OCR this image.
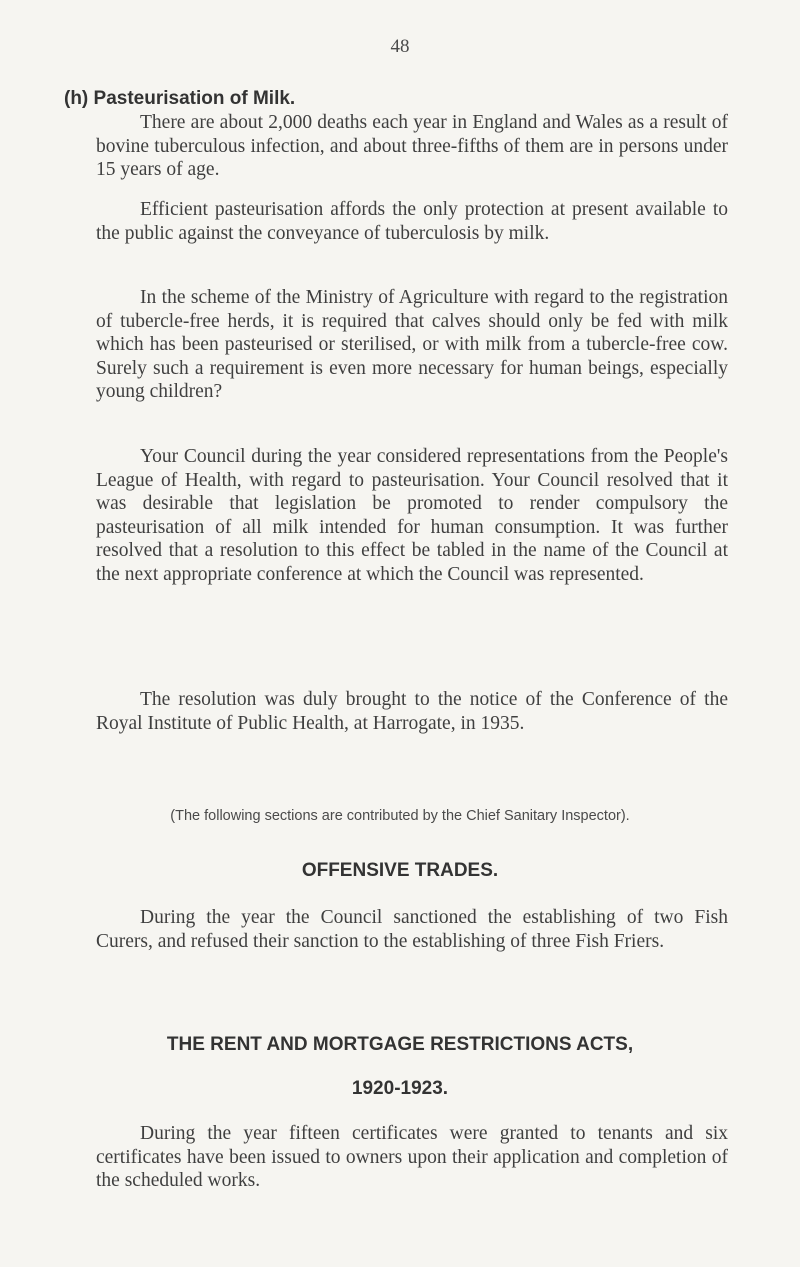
48
(h) Pasteurisation of Milk.

There are about 2,000 deaths each year in England and Wales as a result of bovine tuberculous infection, and about three-fifths of them are in persons under 15 years of age.

Efficient pasteurisation affords the only protection at present available to the public against the conveyance of tuberculosis by milk.

In the scheme of the Ministry of Agriculture with regard to the registration of tubercle-free herds, it is required that calves should only be fed with milk which has been pasteurised or sterilised, or with milk from a tubercle-free cow. Surely such a requirement is even more necessary for human beings, especially young children?

Your Council during the year considered representations from the People's League of Health, with regard to pasteurisation. Your Council resolved that it was desirable that legislation be promoted to render compulsory the pasteurisation of all milk intended for human consumption. It was further resolved that a resolution to this effect be tabled in the name of the Council at the next appropriate conference at which the Council was represented.

The resolution was duly brought to the notice of the Conference of the Royal Institute of Public Health, at Harrogate, in 1935.

(The following sections are contributed by the Chief Sanitary Inspector).
OFFENSIVE TRADES.

During the year the Council sanctioned the establishing of two Fish Curers, and refused their sanction to the establishing of three Fish Friers.

THE RENT AND MORTGAGE RESTRICTIONS ACTS,
1920-1923.

During the year fifteen certificates were granted to tenants and six certificates have been issued to owners upon their application and completion of the scheduled works.
